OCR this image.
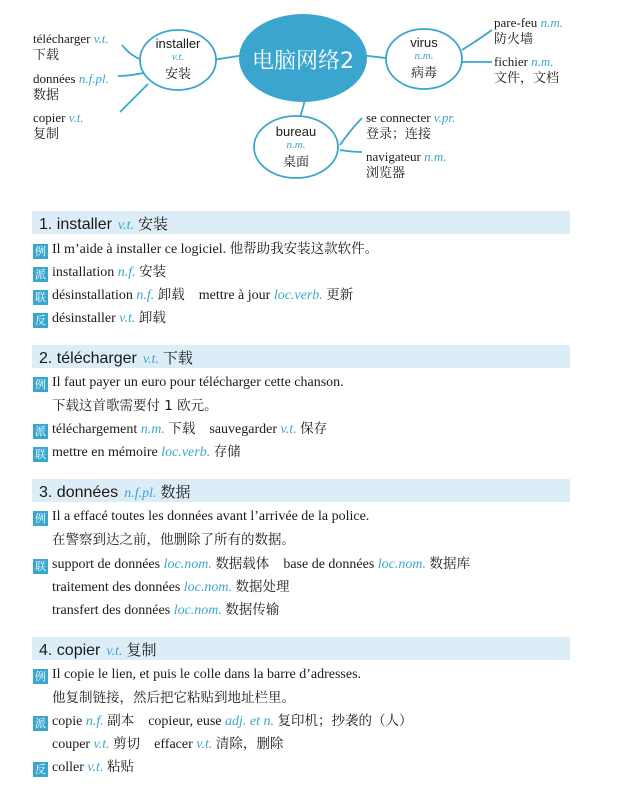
电脑网络2
installer
v.t.
安装
virus
n.m.
病毒
bureau
n.m.
桌面
télécharger v.t.
下载
données n.f.pl.
数据
copier v.t.
复制
pare-feu n.m.
防火墙
fichier n.m.
文件，文档
se connecter v.pr.
登录；连接
navigateur n.m.
浏览器
1. installer v.t. 安装
例 Il m’aide à installer ce logiciel. 他帮助我安装这款软件。
派 installation n.f. 安装
联 désinstallation n.f. 卸载 mettre à jour loc.verb. 更新
反 désinstaller v.t. 卸载
2. télécharger v.t. 下载
例 Il faut payer un euro pour télécharger cette chanson.
下载这首歌需要付 1 欧元。
派 téléchargement n.m. 下载 sauvegarder v.t. 保存
联 mettre en mémoire loc.verb. 存储
3. données n.f.pl. 数据
例 Il a effacé toutes les données avant l’arrivée de la police.
在警察到达之前，他删除了所有的数据。
联 support de données loc.nom. 数据载体 base de données loc.nom. 数据库
traitement des données loc.nom. 数据处理
transfert des données loc.nom. 数据传输
4. copier v.t. 复制
例 Il copie le lien, et puis le colle dans la barre d’adresses.
他复制链接，然后把它粘贴到地址栏里。
派 copie n.f. 副本 copieur, euse adj. et n. 复印机；抄袭的（人）
couper v.t. 剪切 effacer v.t. 清除，删除
反 coller v.t. 粘贴
